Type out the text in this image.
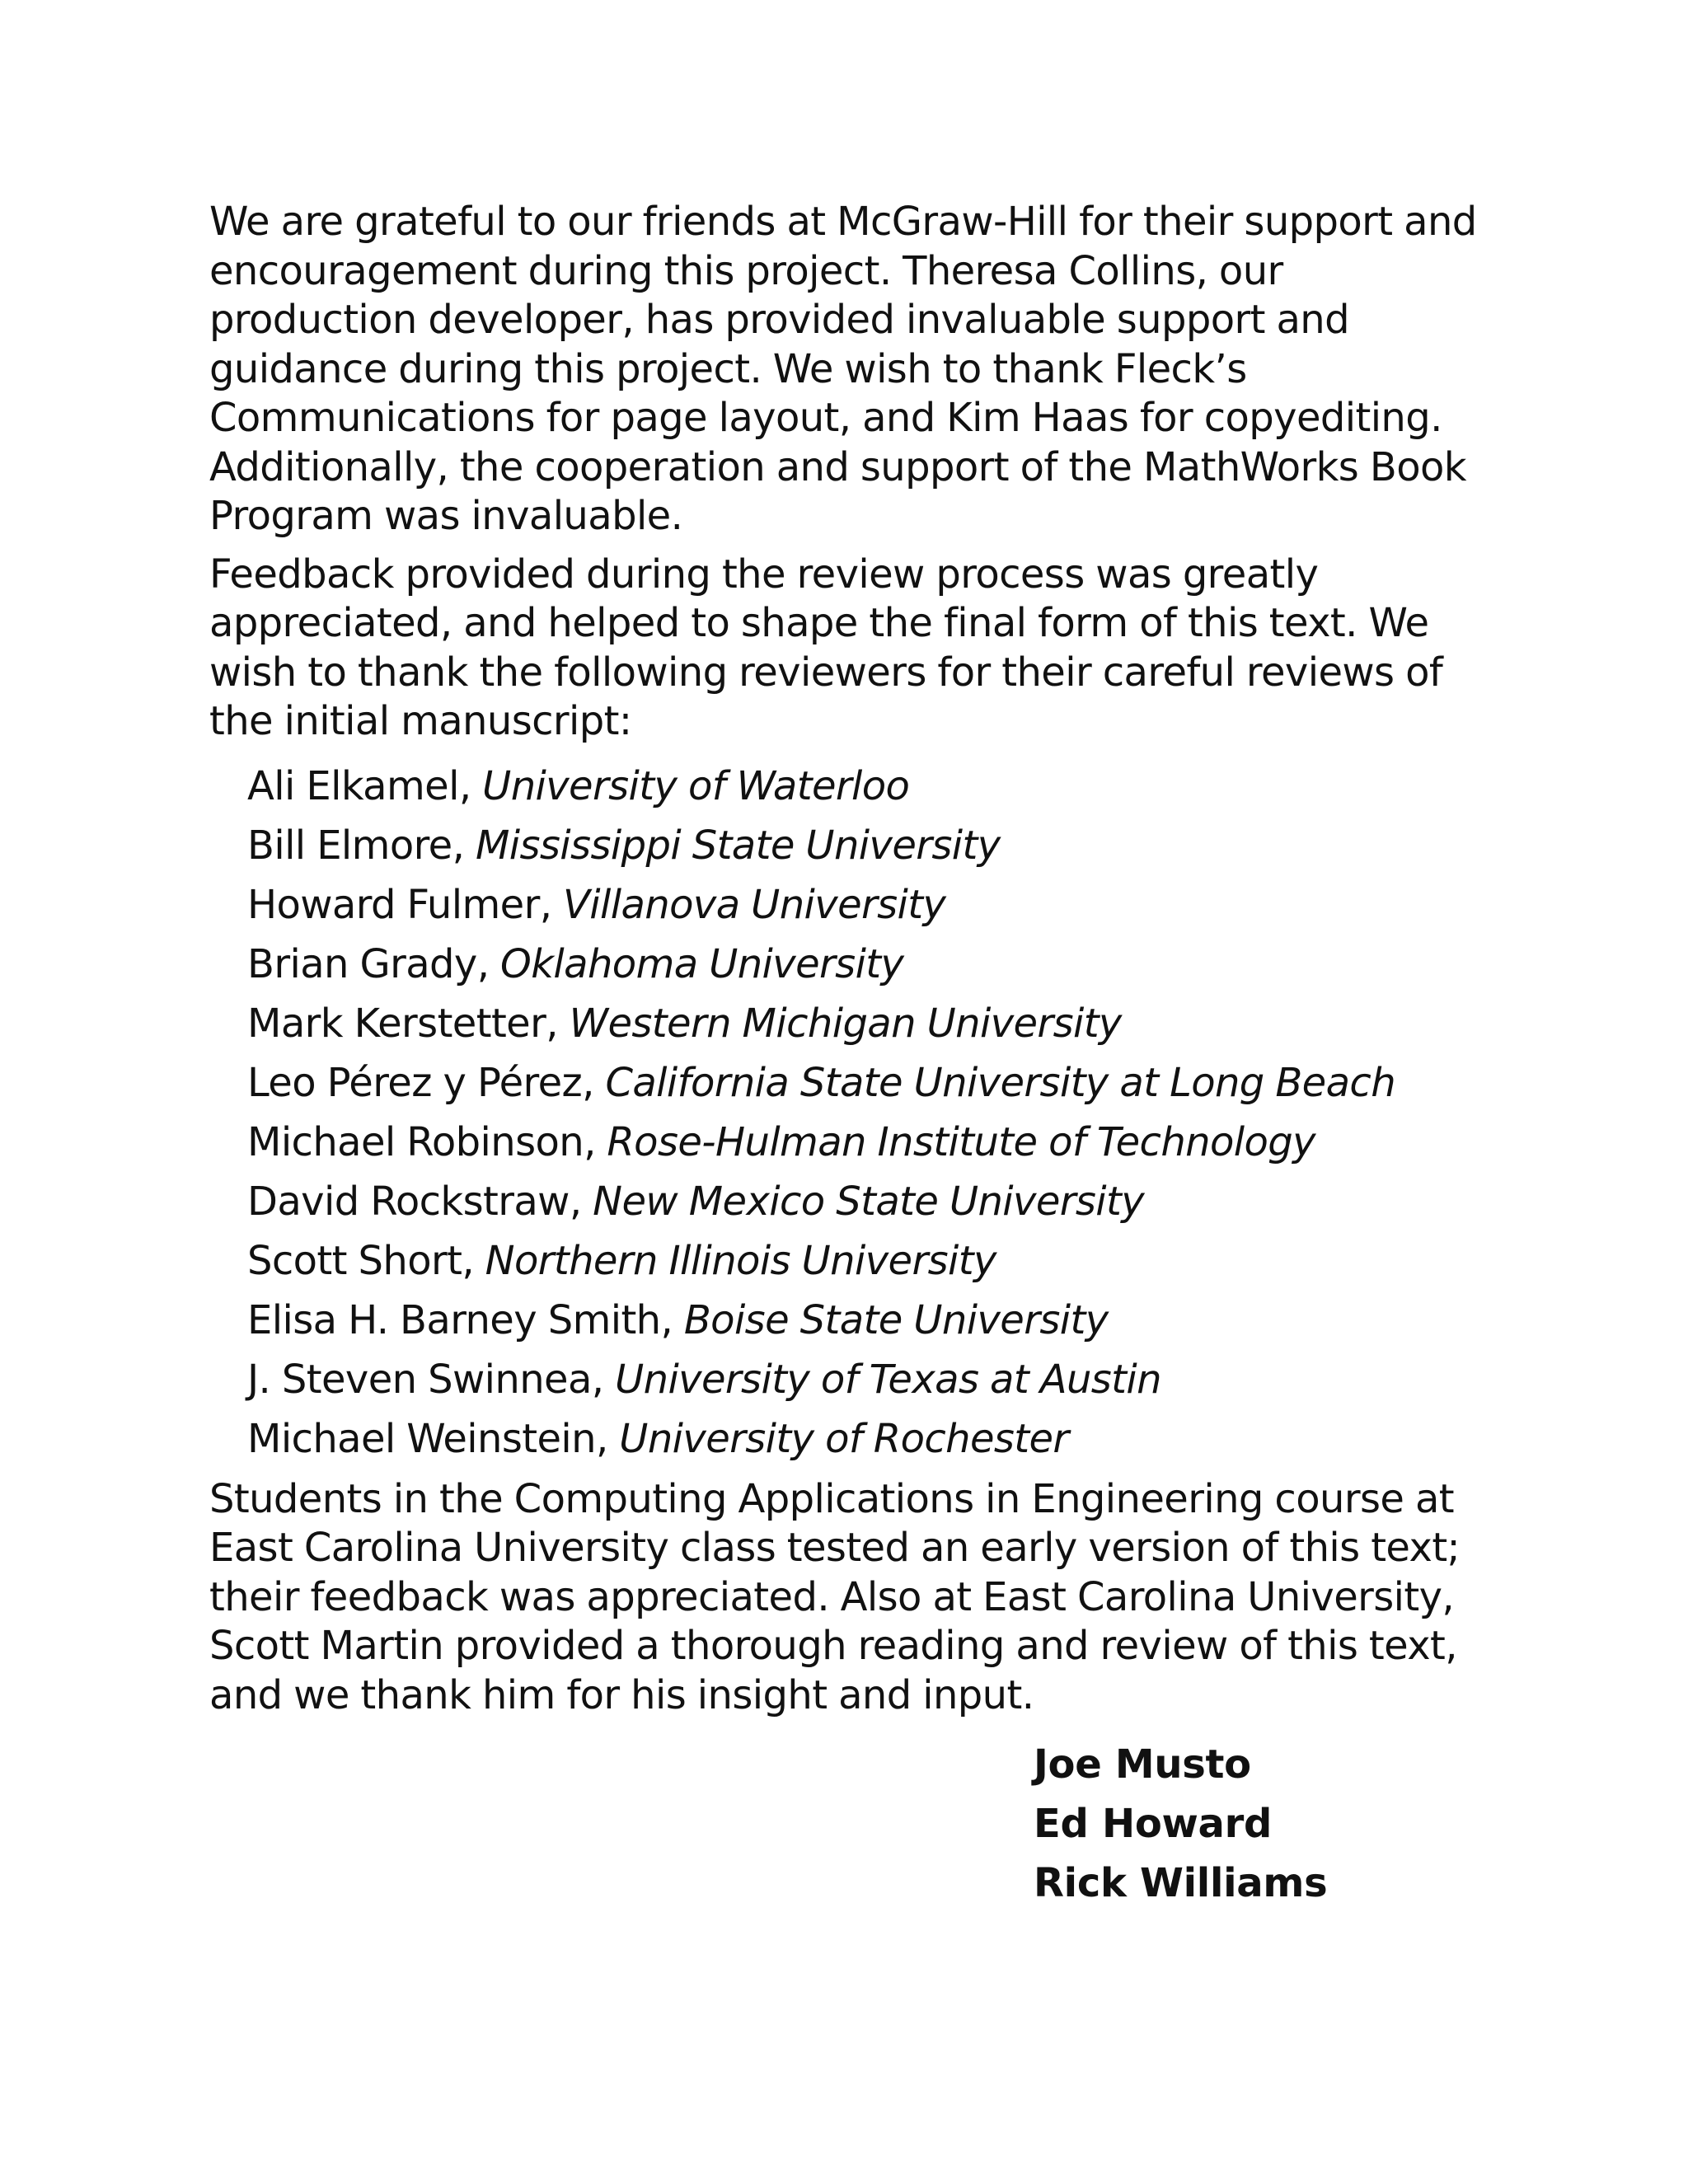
We are grateful to our friends at McGraw-Hill for their support and encouragement during this project. Theresa Collins, our production developer, has provided invaluable support and guidance during this project. We wish to thank Fleck’s Communications for page layout, and Kim Haas for copyediting. Additionally, the cooperation and support of the MathWorks Book Program was invaluable.

Feedback provided during the review process was greatly appreciated, and helped to shape the final form of this text. We wish to thank the following reviewers for their careful reviews of the initial manuscript:

Ali Elkamel, University of Waterloo
Bill Elmore, Mississippi State University
Howard Fulmer, Villanova University
Brian Grady, Oklahoma University
Mark Kerstetter, Western Michigan University
Leo Pérez y Pérez, California State University at Long Beach
Michael Robinson, Rose-Hulman Institute of Technology
David Rockstraw, New Mexico State University
Scott Short, Northern Illinois University
Elisa H. Barney Smith, Boise State University
J. Steven Swinnea, University of Texas at Austin
Michael Weinstein, University of Rochester

Students in the Computing Applications in Engineering course at East Carolina University class tested an early version of this text; their feedback was appreciated. Also at East Carolina University, Scott Martin provided a thorough reading and review of this text, and we thank him for his insight and input.

Joe Musto
Ed Howard
Rick Williams
